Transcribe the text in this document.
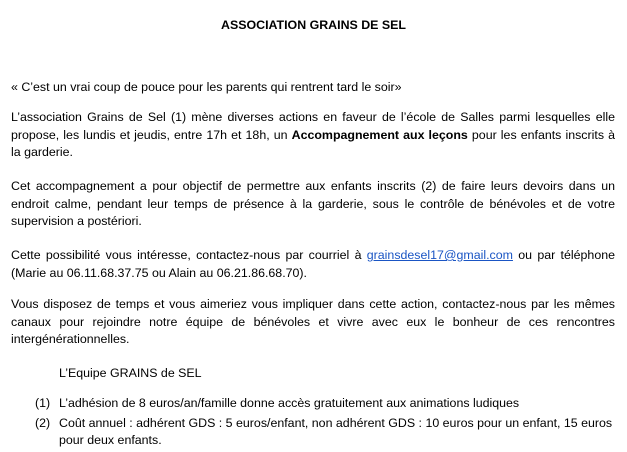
ASSOCIATION GRAINS DE SEL

« C’est un vrai coup de pouce pour les parents qui rentrent tard le soir»

L’association Grains de Sel (1) mène diverses actions en faveur de l’école de Salles parmi lesquelles elle propose, les lundis et jeudis, entre 17h et 18h, un Accompagnement aux leçons pour les enfants inscrits à la garderie.

Cet accompagnement a pour objectif de permettre aux enfants inscrits (2) de faire leurs devoirs dans un endroit calme, pendant leur temps de présence à la garderie, sous le contrôle de bénévoles et de votre supervision a postériori.

Cette possibilité vous intéresse, contactez-nous par courriel à grainsdesel17@gmail.com ou par téléphone (Marie au 06.11.68.37.75 ou Alain au 06.21.86.68.70).

Vous disposez de temps et vous aimeriez vous impliquer dans cette action, contactez-nous par les mêmes canaux pour rejoindre notre équipe de bénévoles et vivre avec eux le bonheur de ces rencontres intergénérationnelles.

L’Equipe GRAINS de SEL
(1) L’adhésion de 8 euros/an/famille donne accès gratuitement aux animations ludiques
(2) Coût annuel : adhérent GDS : 5 euros/enfant, non adhérent GDS : 10 euros pour un enfant, 15 euros pour deux enfants.
